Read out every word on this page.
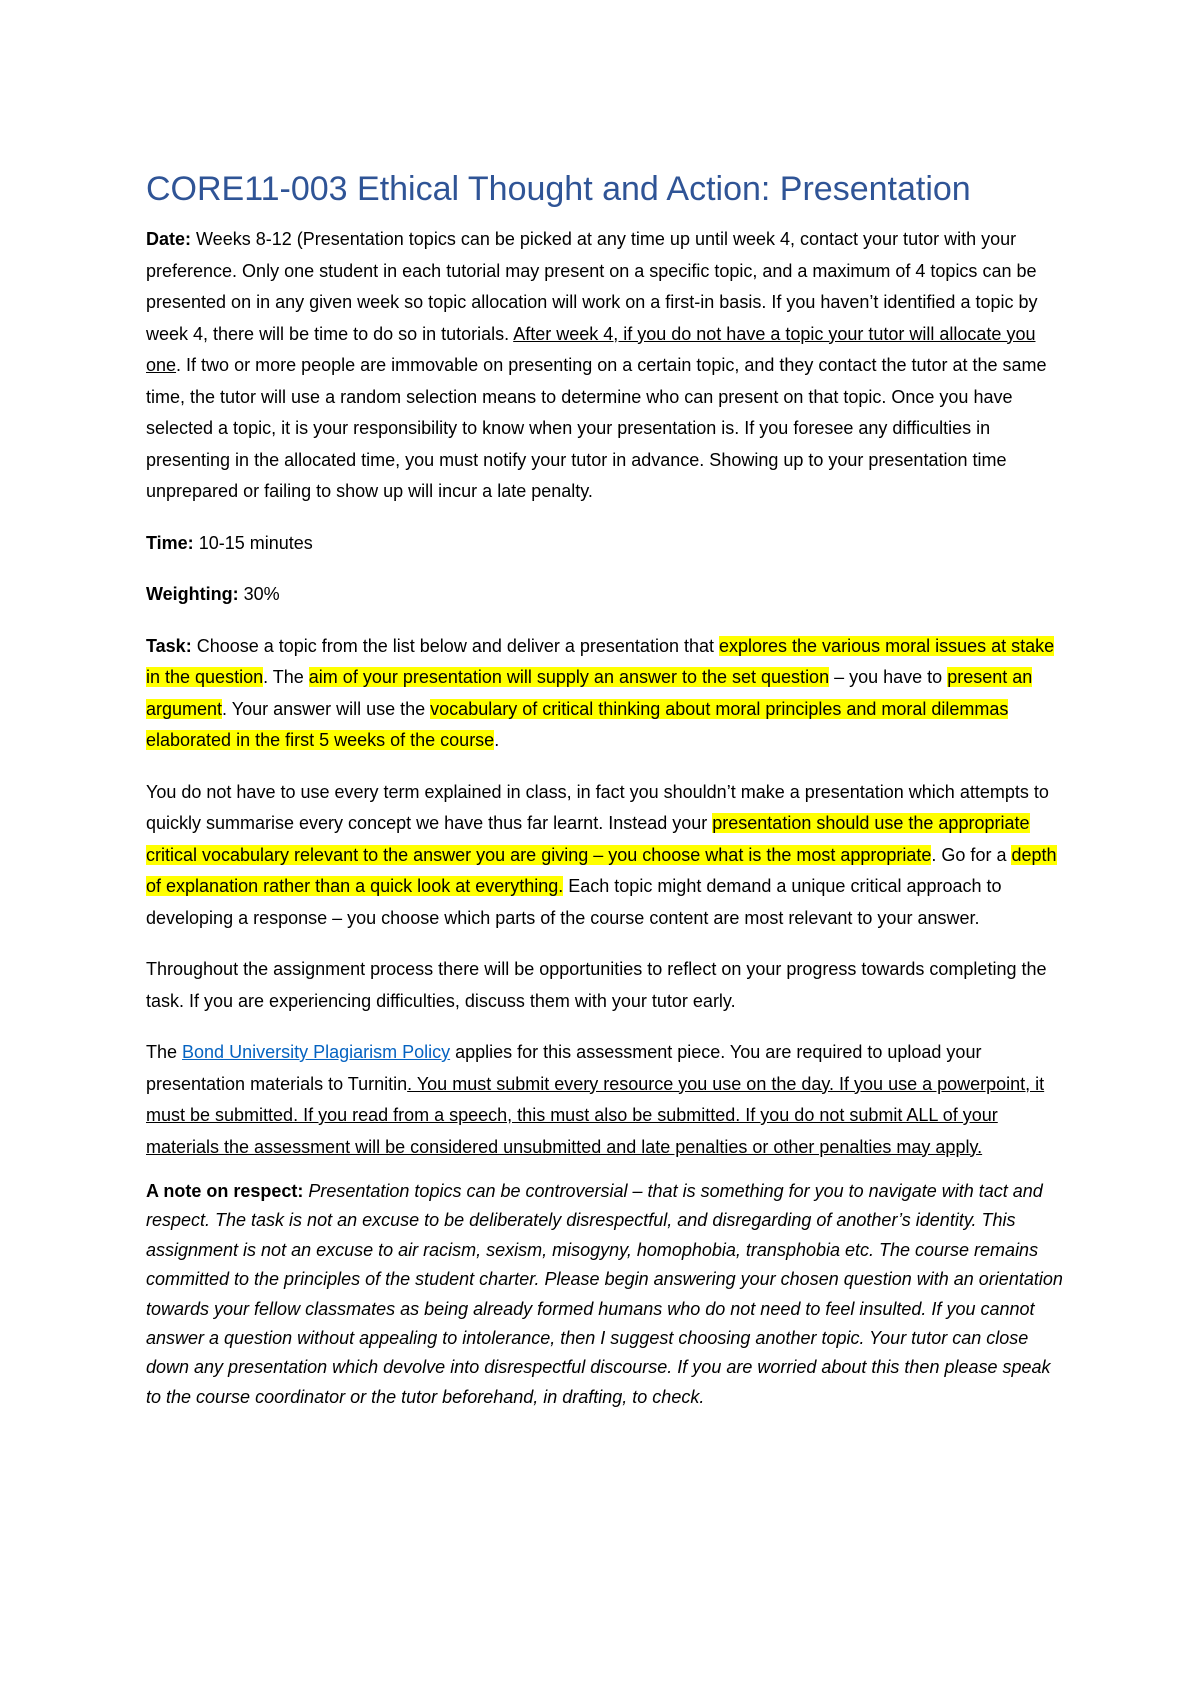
CORE11-003 Ethical Thought and Action: Presentation

Date: Weeks 8-12 (Presentation topics can be picked at any time up until week 4, contact your tutor with your preference. Only one student in each tutorial may present on a specific topic, and a maximum of 4 topics can be presented on in any given week so topic allocation will work on a first-in basis. If you haven’t identified a topic by week 4, there will be time to do so in tutorials. After week 4, if you do not have a topic your tutor will allocate you one. If two or more people are immovable on presenting on a certain topic, and they contact the tutor at the same time, the tutor will use a random selection means to determine who can present on that topic. Once you have selected a topic, it is your responsibility to know when your presentation is. If you foresee any difficulties in presenting in the allocated time, you must notify your tutor in advance. Showing up to your presentation time unprepared or failing to show up will incur a late penalty.

Time: 10-15 minutes

Weighting: 30%

Task: Choose a topic from the list below and deliver a presentation that explores the various moral issues at stake in the question. The aim of your presentation will supply an answer to the set question – you have to present an argument. Your answer will use the vocabulary of critical thinking about moral principles and moral dilemmas elaborated in the first 5 weeks of the course.

You do not have to use every term explained in class, in fact you shouldn’t make a presentation which attempts to quickly summarise every concept we have thus far learnt. Instead your presentation should use the appropriate critical vocabulary relevant to the answer you are giving – you choose what is the most appropriate. Go for a depth of explanation rather than a quick look at everything. Each topic might demand a unique critical approach to developing a response – you choose which parts of the course content are most relevant to your answer.

Throughout the assignment process there will be opportunities to reflect on your progress towards completing the task. If you are experiencing difficulties, discuss them with your tutor early.

The Bond University Plagiarism Policy applies for this assessment piece. You are required to upload your presentation materials to Turnitin. You must submit every resource you use on the day. If you use a powerpoint, it must be submitted. If you read from a speech, this must also be submitted. If you do not submit ALL of your materials the assessment will be considered unsubmitted and late penalties or other penalties may apply.

A note on respect: Presentation topics can be controversial – that is something for you to navigate with tact and respect. The task is not an excuse to be deliberately disrespectful, and disregarding of another’s identity. This assignment is not an excuse to air racism, sexism, misogyny, homophobia, transphobia etc. The course remains committed to the principles of the student charter. Please begin answering your chosen question with an orientation towards your fellow classmates as being already formed humans who do not need to feel insulted. If you cannot answer a question without appealing to intolerance, then I suggest choosing another topic. Your tutor can close down any presentation which devolve into disrespectful discourse. If you are worried about this then please speak to the course coordinator or the tutor beforehand, in drafting, to check.
